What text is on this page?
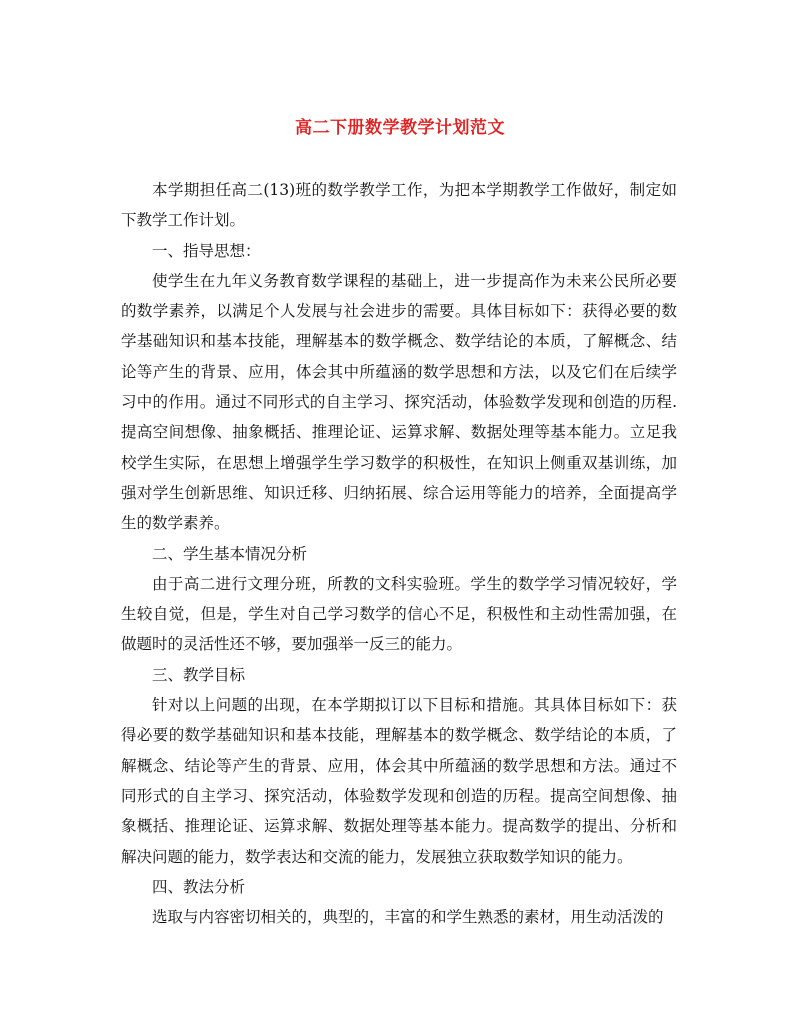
高二下册数学教学计划范文

本学期担任高二(13)班的数学教学工作，为把本学期教学工作做好，制定如下教学工作计划。

一、指导思想：

使学生在九年义务教育数学课程的基础上，进一步提高作为未来公民所必要的数学素养，以满足个人发展与社会进步的需要。具体目标如下：获得必要的数学基础知识和基本技能，理解基本的数学概念、数学结论的本质，了解概念、结论等产生的背景、应用，体会其中所蕴涵的数学思想和方法，以及它们在后续学习中的作用。通过不同形式的自主学习、探究活动，体验数学发现和创造的历程.提高空间想像、抽象概括、推理论证、运算求解、数据处理等基本能力。立足我校学生实际，在思想上增强学生学习数学的积极性，在知识上侧重双基训练，加强对学生创新思维、知识迁移、归纳拓展、综合运用等能力的培养，全面提高学生的数学素养。

二、学生基本情况分析

由于高二进行文理分班，所教的文科实验班。学生的数学学习情况较好，学生较自觉，但是，学生对自己学习数学的信心不足，积极性和主动性需加强，在做题时的灵活性还不够，要加强举一反三的能力。

三、教学目标

针对以上问题的出现，在本学期拟订以下目标和措施。其具体目标如下：获得必要的数学基础知识和基本技能，理解基本的数学概念、数学结论的本质，了解概念、结论等产生的背景、应用，体会其中所蕴涵的数学思想和方法。通过不同形式的自主学习、探究活动，体验数学发现和创造的历程。提高空间想像、抽象概括、推理论证、运算求解、数据处理等基本能力。提高数学的提出、分析和解决问题的能力，数学表达和交流的能力，发展独立获取数学知识的能力。

四、教法分析

选取与内容密切相关的，典型的，丰富的和学生熟悉的素材，用生动活泼的
